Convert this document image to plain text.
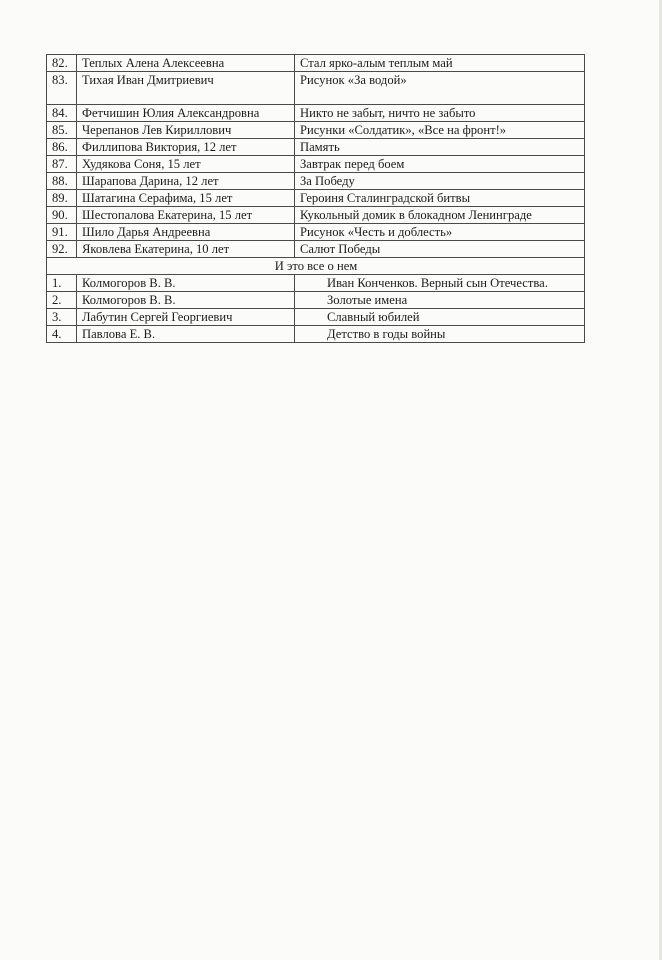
82.	Теплых Алена Алексеевна	Стал ярко-алым теплым май
83.	Тихая Иван Дмитриевич	Рисунок «За водой»
84.	Фетчишин Юлия Александровна	Никто не забыт, ничто не забыто
85.	Черепанов Лев Кириллович	Рисунки «Солдатик», «Все на фронт!»
86.	Филлипова Виктория, 12 лет	Память
87.	Худякова Соня, 15 лет	Завтрак перед боем
88.	Шарапова Дарина, 12 лет	За Победу
89.	Шатагина Серафима, 15 лет	Героиня Сталинградской битвы
90.	Шестопалова Екатерина, 15 лет	Кукольный домик в блокадном Ленинграде
91.	Шило Дарья Андреевна	Рисунок «Честь и доблесть»
92.	Яковлева Екатерина, 10 лет	Салют Победы
И это все о нем		
1.	Колмогоров В. В.	Иван Конченков. Верный сын Отечества.
2.	Колмогоров В. В.	Золотые имена
3.	Лабутин Сергей Георгиевич	Славный юбилей
4.	Павлова Е. В.	Детство в годы войны
